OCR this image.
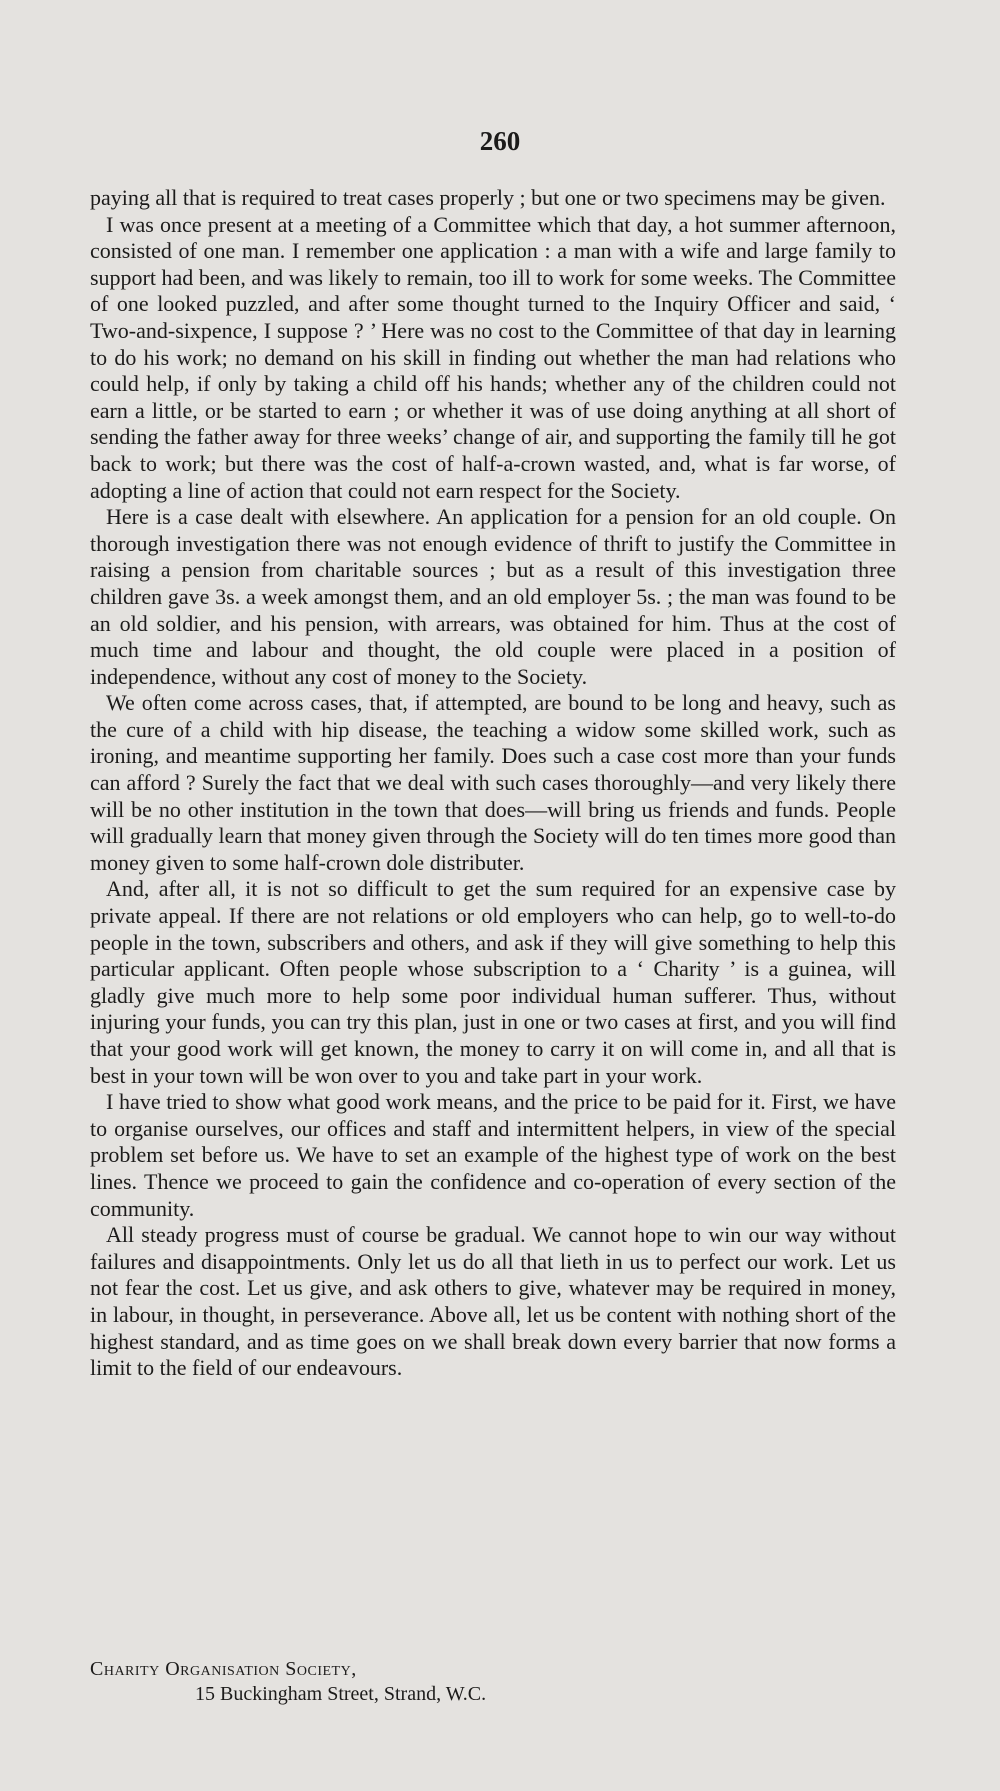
260

paying all that is required to treat cases properly ; but one or two specimens may be given.

I was once present at a meeting of a Committee which that day, a hot summer afternoon, consisted of one man. I remember one application : a man with a wife and large family to support had been, and was likely to remain, too ill to work for some weeks. The Committee of one looked puzzled, and after some thought turned to the Inquiry Officer and said, ‘ Two-and-sixpence, I suppose ? ’ Here was no cost to the Committee of that day in learning to do his work; no demand on his skill in finding out whether the man had relations who could help, if only by taking a child off his hands; whether any of the children could not earn a little, or be started to earn ; or whether it was of use doing anything at all short of sending the father away for three weeks’ change of air, and supporting the family till he got back to work; but there was the cost of half-a-crown wasted, and, what is far worse, of adopting a line of action that could not earn respect for the Society.

Here is a case dealt with elsewhere. An application for a pension for an old couple. On thorough investigation there was not enough evidence of thrift to justify the Committee in raising a pension from charitable sources ; but as a result of this investigation three children gave 3s. a week amongst them, and an old employer 5s. ; the man was found to be an old soldier, and his pension, with arrears, was obtained for him. Thus at the cost of much time and labour and thought, the old couple were placed in a position of independence, without any cost of money to the Society.

We often come across cases, that, if attempted, are bound to be long and heavy, such as the cure of a child with hip disease, the teaching a widow some skilled work, such as ironing, and meantime supporting her family. Does such a case cost more than your funds can afford ? Surely the fact that we deal with such cases thoroughly—and very likely there will be no other institution in the town that does—will bring us friends and funds. People will gradually learn that money given through the Society will do ten times more good than money given to some half-crown dole distributer.

And, after all, it is not so difficult to get the sum required for an expensive case by private appeal. If there are not relations or old employers who can help, go to well-to-do people in the town, subscribers and others, and ask if they will give something to help this particular applicant. Often people whose subscription to a ‘ Charity ’ is a guinea, will gladly give much more to help some poor individual human sufferer. Thus, without injuring your funds, you can try this plan, just in one or two cases at first, and you will find that your good work will get known, the money to carry it on will come in, and all that is best in your town will be won over to you and take part in your work.

I have tried to show what good work means, and the price to be paid for it. First, we have to organise ourselves, our offices and staff and intermittent helpers, in view of the special problem set before us. We have to set an example of the highest type of work on the best lines. Thence we proceed to gain the confidence and co-operation of every section of the community.

All steady progress must of course be gradual. We cannot hope to win our way without failures and disappointments. Only let us do all that lieth in us to perfect our work. Let us not fear the cost. Let us give, and ask others to give, whatever may be required in money, in labour, in thought, in perseverance. Above all, let us be content with nothing short of the highest standard, and as time goes on we shall break down every barrier that now forms a limit to the field of our endeavours.

Charity Organisation Society,
15 Buckingham Street, Strand, W.C.
